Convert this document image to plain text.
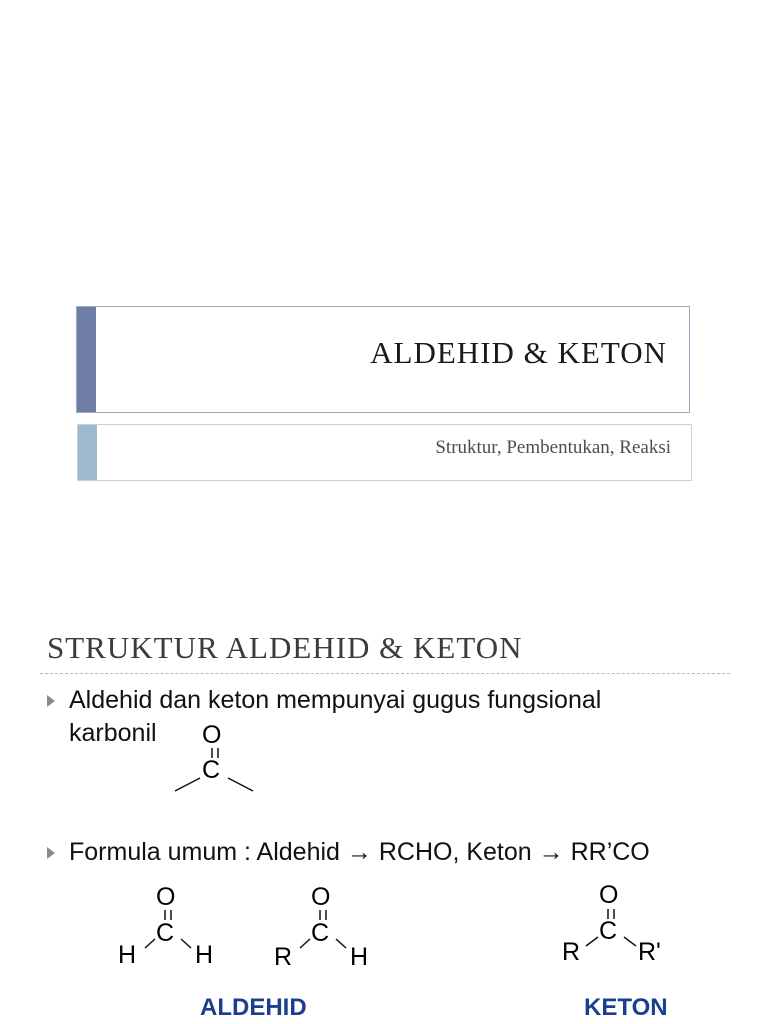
ALDEHID & KETON
Struktur, Pembentukan, Reaksi
STRUKTUR ALDEHID & KETON
Aldehid dan keton mempunyai gugus fungsional
karbonil O
C
Formula umum : Aldehid → RCHO, Keton → RR’CO
O
C
H H
O
C
R H
O
C
R R'
ALDEHID	KETON
